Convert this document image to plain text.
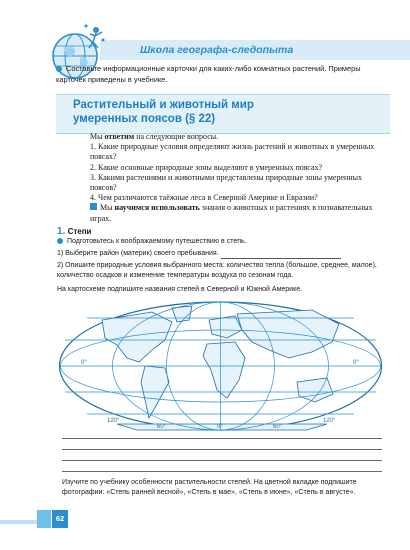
Школа географа-следопыта
Составьте информационные карточки для каких-либо комнатных растений. Примеры карточек приведены в учебнике.
Растительный и животный мир
умеренных поясов (§ 22)

Мы ответим на следующие вопросы.

1. Какие природные условия определяют жизнь растений и животных в умеренных поясах?

2. Какие основные природные зоны выделяют в умеренных поясах?

3. Какими растениями и животными представлены природные зоны умеренных поясов?

4. Чем различаются таёжные леса в Северной Америке и Евразии?

Мы научимся использовать знания о животных и растениях в познавательных играх.

1. Степи
Подготовьтесь к воображаемому путешествию в степь.
1) Выберите район (материк) своего пребывания.
2) Опишите природные условия выбранного места: количество тепла (большое, среднее, малое), количество осадков и изменение температуры воздуха по сезонам года.
На картосхеме подпишите названия степей в Северной и Южной Америке.
0°	0°
120°
60°	0°	60°
120°
Изучите по учебнику особенности растительности степей. На цветной вкладке подпишите фотографии: «Степь ранней весной», «Степь в мае», «Степь в июне», «Степь в августе».
62
